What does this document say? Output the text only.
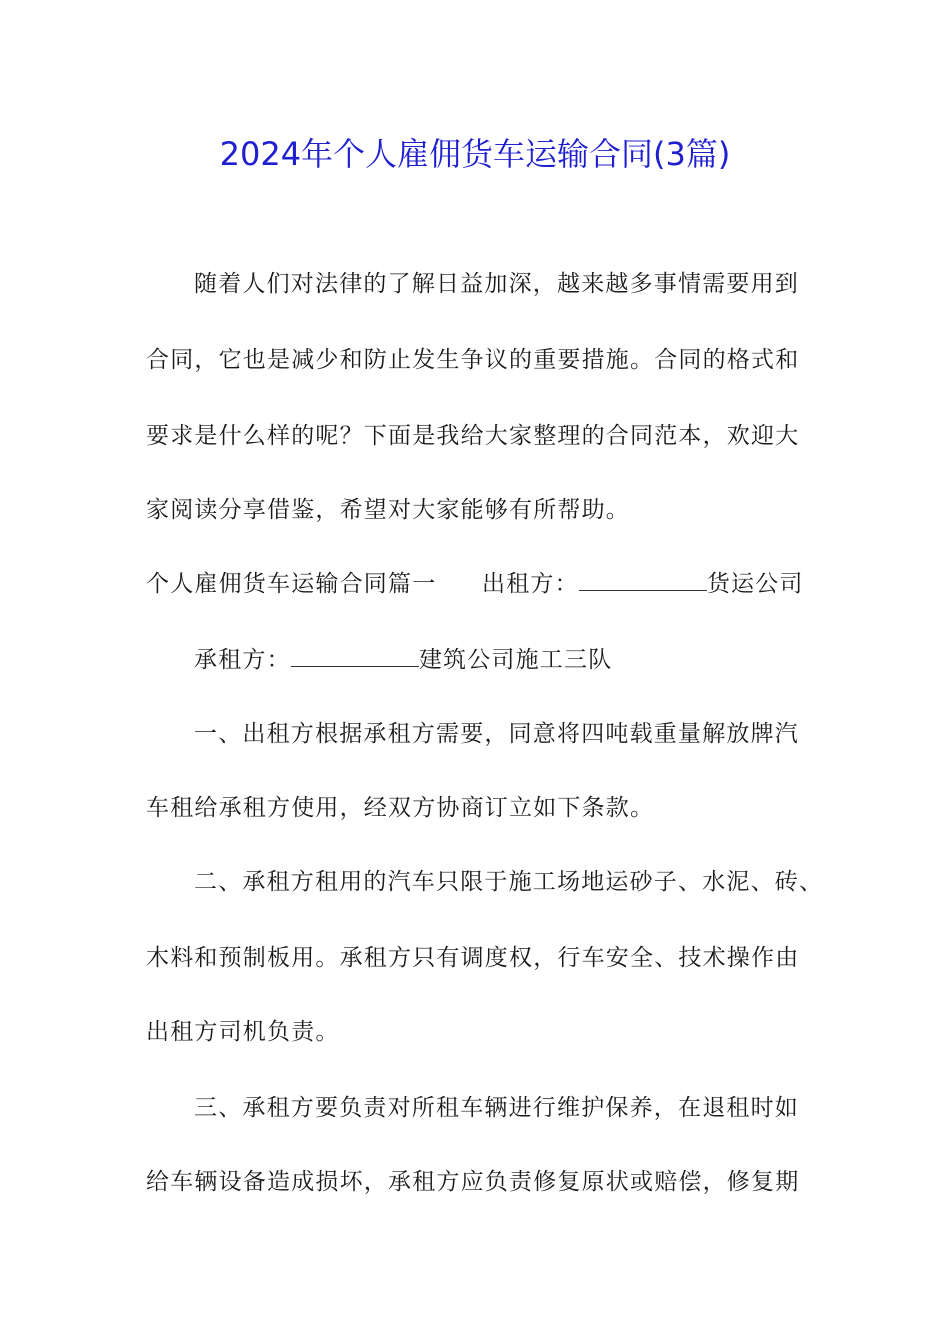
2024年个人雇佣货车运输合同(3篇)
随着人们对法律的了解日益加深，越来越多事情需要用到
合同，它也是减少和防止发生争议的重要措施。合同的格式和
要求是什么样的呢？下面是我给大家整理的合同范本，欢迎大
家阅读分享借鉴，希望对大家能够有所帮助。
个人雇佣货车运输合同篇一 出租方：	货运公司
承租方：	建筑公司施工三队
一、出租方根据承租方需要，同意将四吨载重量解放牌汽
车租给承租方使用，经双方协商订立如下条款。
二、承租方租用的汽车只限于施工场地运砂子、水泥、砖、
木料和预制板用。承租方只有调度权，行车安全、技术操作由
出租方司机负责。
三、承租方要负责对所租车辆进行维护保养，在退租时如
给车辆设备造成损坏，承租方应负责修复原状或赔偿，修复期
